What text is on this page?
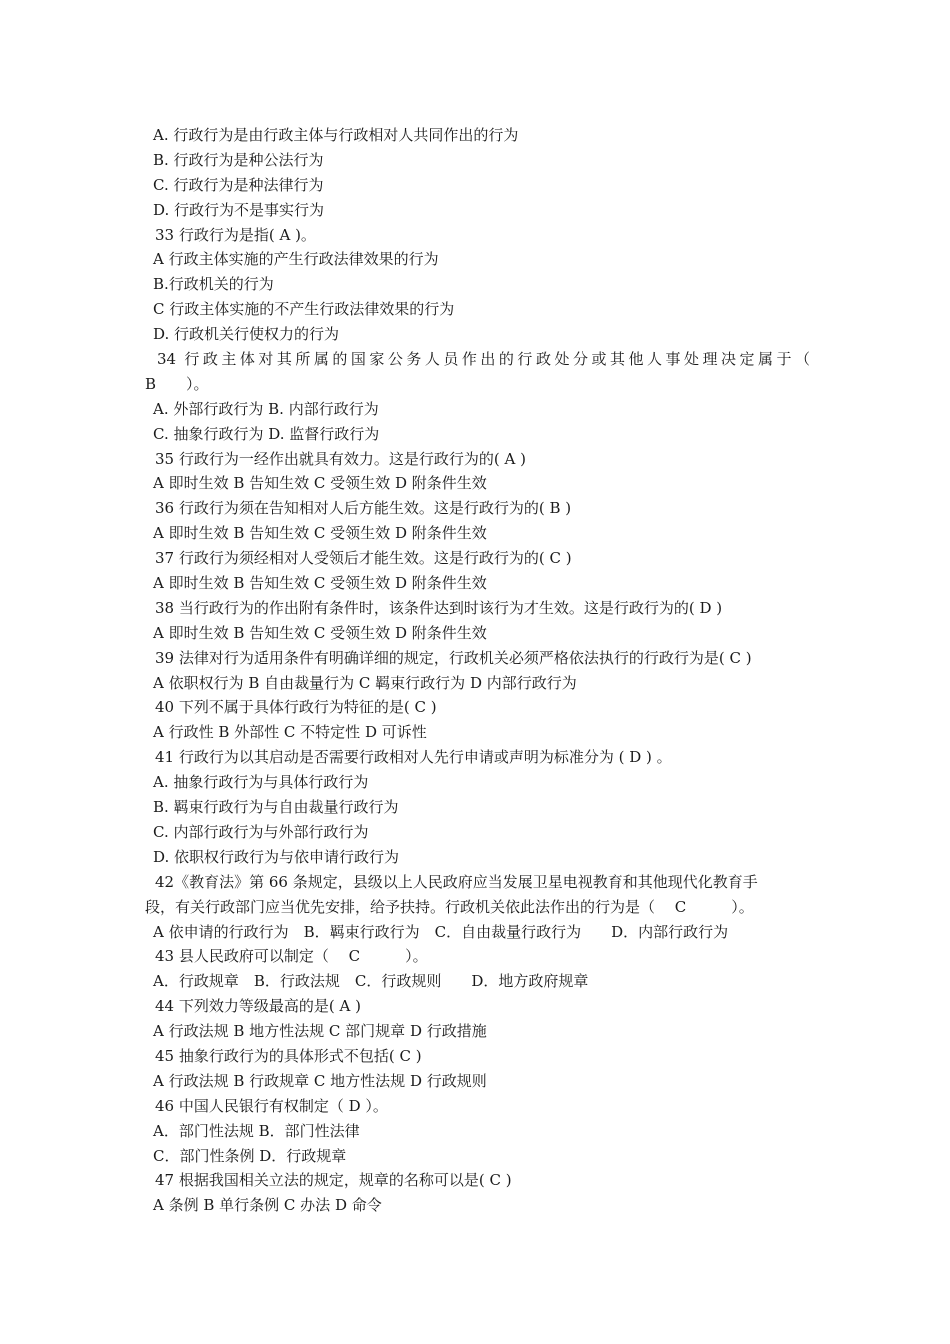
A. 行政行为是由行政主体与行政相对人共同作出的行为
B. 行政行为是种公法行为
C. 行政行为是种法律行为
D. 行政行为不是事实行为
33 行政行为是指( A )。
A 行政主体实施的产生行政法律效果的行为
B.行政机关的行为
C 行政主体实施的不产生行政法律效果的行为
D. 行政机关行使权力的行为
34 行政主体对其所属的国家公务人员作出的行政处分或其他人事处理决定属于（
B　　）。
A. 外部行政行为 B. 内部行政行为
C. 抽象行政行为 D. 监督行政行为
35 行政行为一经作出就具有效力。这是行政行为的( A )
A 即时生效 B 告知生效 C 受领生效 D 附条件生效
36 行政行为须在告知相对人后方能生效。这是行政行为的( B )
A 即时生效 B 告知生效 C 受领生效 D 附条件生效
37 行政行为须经相对人受领后才能生效。这是行政行为的( C )
A 即时生效 B 告知生效 C 受领生效 D 附条件生效
38 当行政行为的作出附有条件时，该条件达到时该行为才生效。这是行政行为的( D )
A 即时生效 B 告知生效 C 受领生效 D 附条件生效
39 法律对行为适用条件有明确详细的规定，行政机关必须严格依法执行的行政行为是( C )
A 依职权行为 B 自由裁量行为 C 羁束行政行为 D 内部行政行为
40 下列不属于具体行政行为特征的是( C )
A 行政性 B 外部性 C 不特定性 D 可诉性
41 行政行为以其启动是否需要行政相对人先行申请或声明为标准分为 ( D ) 。
A. 抽象行政行为与具体行政行为
B. 羁束行政行为与自由裁量行政行为
C. 内部行政行为与外部行政行为
D. 依职权行政行为与依申请行政行为
42《教育法》第 66 条规定，县级以上人民政府应当发展卫星电视教育和其他现代化教育手
段，有关行政部门应当优先安排，给予扶持。行政机关依此法作出的行为是（　 C　　　）。
A 依申请的行政行为　B．羁束行政行为　C．自由裁量行政行为　　D．内部行政行为
43 县人民政府可以制定（　 C　　　）。
A．行政规章　B．行政法规　C．行政规则　　D．地方政府规章
44 下列效力等级最高的是( A )
A 行政法规 B 地方性法规 C 部门规章 D 行政措施
45 抽象行政行为的具体形式不包括( C )
A 行政法规 B 行政规章 C 地方性法规 D 行政规则
46 中国人民银行有权制定（ D ）。
A．部门性法规 B．部门性法律
C．部门性条例 D．行政规章
47 根据我国相关立法的规定，规章的名称可以是( C )
A 条例 B 单行条例 C 办法 D 命令
